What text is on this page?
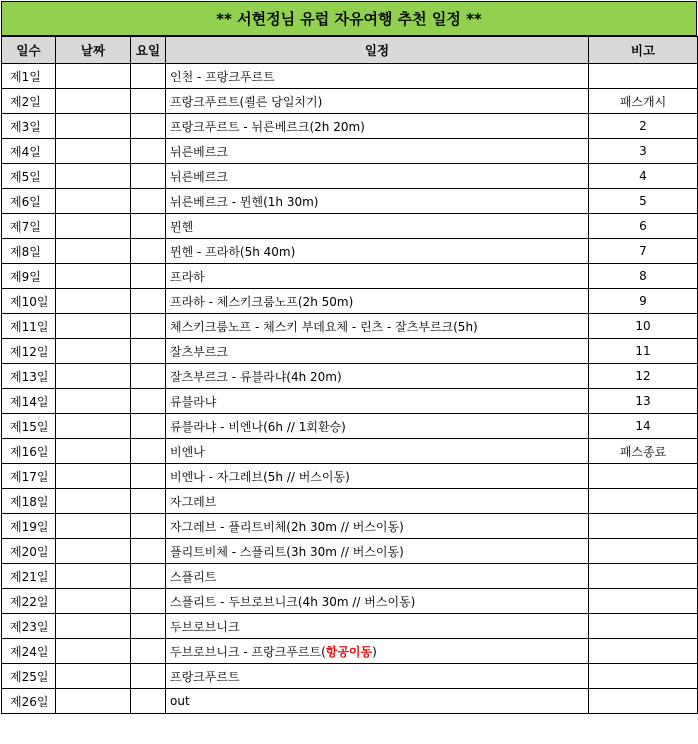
** 서현정님 유럽 자유여행 추천 일정 **
일수	날짜	요일	일정	비고
제1일			인천 - 프랑크푸르트	
제2일			프랑크푸르트(쾰른 당일치기)	패스개시
제3일			프랑크푸르트 - 뉘른베르크(2h 20m)	2
제4일			뉘른베르크	3
제5일			뉘른베르크	4
제6일			뉘른베르크 - 뮌헨(1h 30m)	5
제7일			뮌헨	6
제8일			뮌헨 - 프라하(5h 40m)	7
제9일			프라하	8
제10일			프라하 - 체스키크룸노프(2h 50m)	9
제11일			체스키크룸노프 - 체스키 부데요체 - 린츠 - 잘츠부르크(5h)	10
제12일			잘츠부르크	11
제13일			잘츠부르크 - 류블라냐(4h 20m)	12
제14일			류블라냐	13
제15일			류블라냐 - 비엔나(6h // 1회환승)	14
제16일			비엔나	패스종료
제17일			비엔나 - 자그레브(5h // 버스이동)	
제18일			자그레브	
제19일			자그레브 - 플리트비체(2h 30m // 버스이동)	
제20일			플리트비체 - 스플리트(3h 30m // 버스이동)	
제21일			스플리트	
제22일			스플리트 - 두브로브니크(4h 30m // 버스이동)	
제23일			두브로브니크	
제24일			두브로브니크 - 프랑크푸르트(항공이동)	
제25일			프랑크푸르트	
제26일			out	
